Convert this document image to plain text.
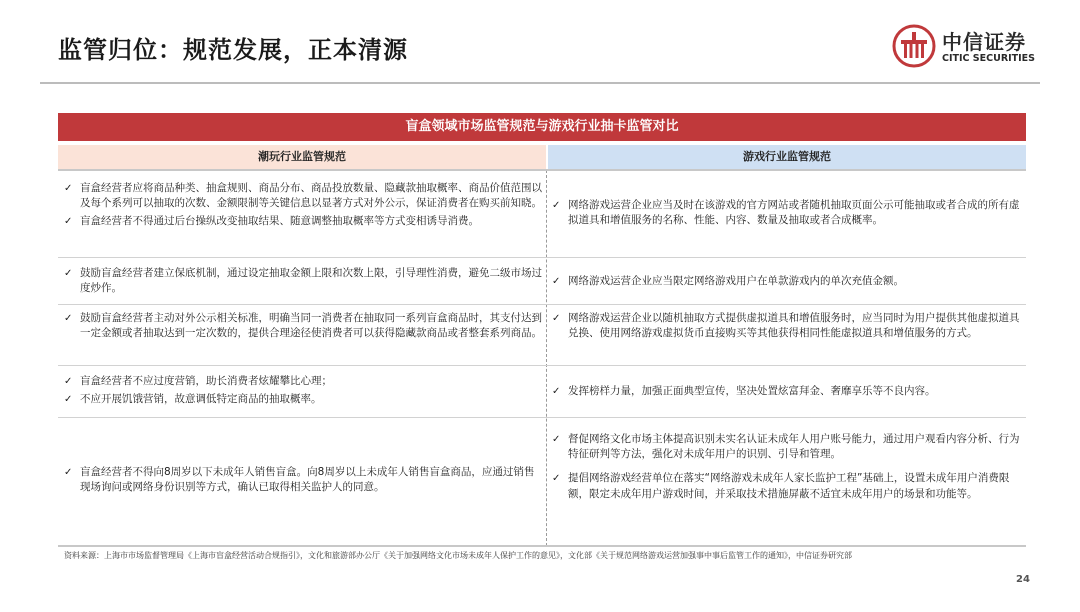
监管归位：规范发展，正本清源	中信证券
CITIC SECURITIES
盲盒领域市场监管规范与游戏行业抽卡监管对比
潮玩行业监管规范	游戏行业监管规范

✓ 盲盒经营者应将商品种类、抽盒规则、商品分布、商品投放数量、隐藏款抽取概率、商品价值范围以及每个系列可以抽取的次数、金额限制等关键信息以显著方式对外公示，保证消费者在购买前知晓。

✓ 盲盒经营者不得通过后台操纵改变抽取结果、随意调整抽取概率等方式变相诱导消费。

✓ 网络游戏运营企业应当及时在该游戏的官方网站或者随机抽取页面公示可能抽取或者合成的所有虚拟道具和增值服务的名称、性能、内容、数量及抽取或者合成概率。

✓ 鼓励盲盒经营者建立保底机制，通过设定抽取金额上限和次数上限，引导理性消费，避免二级市场过度炒作。

✓ 网络游戏运营企业应当限定网络游戏用户在单款游戏内的单次充值金额。

✓ 鼓励盲盒经营者主动对外公示相关标准，明确当同一消费者在抽取同一系列盲盒商品时，其支付达到一定金额或者抽取达到一定次数的，提供合理途径使消费者可以获得隐藏款商品或者整套系列商品。

✓ 网络游戏运营企业以随机抽取方式提供虚拟道具和增值服务时，应当同时为用户提供其他虚拟道具兑换、使用网络游戏虚拟货币直接购买等其他获得相同性能虚拟道具和增值服务的方式。

✓ 盲盒经营者不应过度营销，助长消费者炫耀攀比心理；

✓ 不应开展饥饿营销，故意调低特定商品的抽取概率。

✓ 发挥榜样力量，加强正面典型宣传，坚决处置炫富拜金、奢靡享乐等不良内容。

✓ 盲盒经营者不得向8周岁以下未成年人销售盲盒。向8周岁以上未成年人销售盲盒商品，应通过销售现场询问或网络身份识别等方式，确认已取得相关监护人的同意。

✓ 督促网络文化市场主体提高识别未实名认证未成年人用户账号能力，通过用户观看内容分析、行为特征研判等方法，强化对未成年用户的识别、引导和管理。

✓ 提倡网络游戏经营单位在落实“网络游戏未成年人家长监护工程”基础上，设置未成年用户消费限额，限定未成年用户游戏时间，并采取技术措施屏蔽不适宜未成年用户的场景和功能等。

资料来源：上海市市场监督管理局《上海市盲盒经营活动合规指引》，文化和旅游部办公厅《关于加强网络文化市场未成年人保护工作的意见》，文化部《关于规范网络游戏运营加强事中事后监管工作的通知》，中信证券研究部
24
